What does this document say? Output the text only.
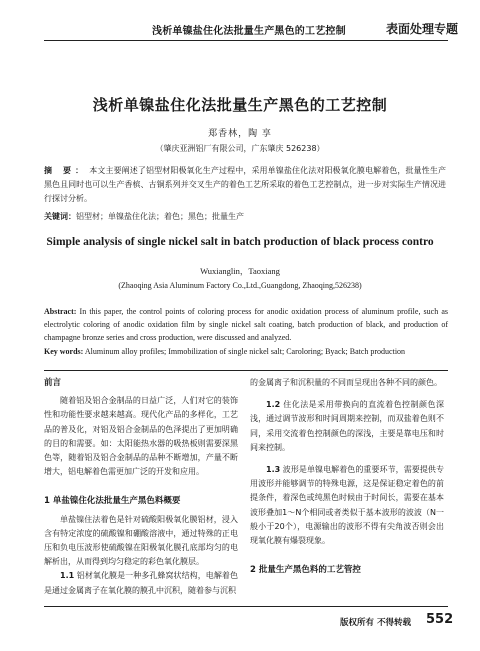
浅析单镍盐住化法批量生产黑色的工艺控制	表面处理专题
浅析单镍盐住化法批量生产黑色的工艺控制
郑香林，陶 享
（肇庆亚洲铝厂有限公司，广东肇庆 526238）
摘 要： 本文主要阐述了铝型材阳极氧化生产过程中，采用单镍盐住化法对阳极氧化膜电解着色，批量性生产黑色且同时也可以生产香槟、古铜系列并交叉生产的着色工艺所采取的着色工艺控制点，进一步对实际生产情况进行探讨分析。
关键词：铝型材；单镍盐住化法；着色；黑色；批量生产
Simple analysis of single nickel salt in batch production of black process contro
Wuxianglin，Taoxiang
(Zhaoqing Asia Aluminum Factory Co.,Ltd.,Guangdong, Zhaoqing,526238)
Abstract: In this paper, the control points of coloring process for anodic oxidation process of aluminum profile, such as electrolytic coloring of anodic oxidation film by single nickel salt coating, batch production of black, and production of champagne bronze series and cross production, were discussed and analyzed.
Key words: Aluminum alloy profiles; Immobilization of single nickel salt; Caroloring; Byack; Batch production
前言

随着铝及铝合金制品的日益广泛，人们对它的装饰性和功能性要求越来越高。现代化产品的多样化，工艺品的普及化，对铝及铝合金制品的色泽提出了更加明确的目的和需要。如：太阳能热水器的吸热板则需要深黑色等，随着铝及铝合金制品的品种不断增加，产量不断增大，铝电解着色需更加广泛的开发和应用。

1 单盐镍住化法批量生产黑色料概要

单盐镍住法着色是针对硫酸阳极氧化膜铝材，浸入含有特定浓度的硫酸镍和硼酸溶液中，通过特殊的正电压和负电压波形使硫酸镍在阳极氧化膜孔底部均匀的电解析出，从而得到均匀稳定的彩色氧化膜层。

1.1 铝材氧化膜是一种多孔蜂窝状结构，电解着色是通过金属离子在氧化膜的膜孔中沉积，随着参与沉积

的金属离子和沉积量的不同而呈现出各种不同的颜色。

1.2 住化法是采用带换向的直流着色控制颜色深浅，通过调节波形和时间周期来控制，而双盐着色则不同，采用交流着色控制颜色的深浅，主要是靠电压和时间来控制。

1.3 波形是单镍电解着色的重要环节，需要提供专用波形并能够调节的特殊电源，这是保证稳定着色的前提条件，着深色或纯黑色时候由于时间长，需要在基本波形叠加1～N个相同或者类似于基本波形的波波（N一般小于20个），电源输出的波形不得有尖角波否则会出现氧化膜有爆裂现象。

2 批量生产黑色料的工艺管控
版权所有 不得转载 552
